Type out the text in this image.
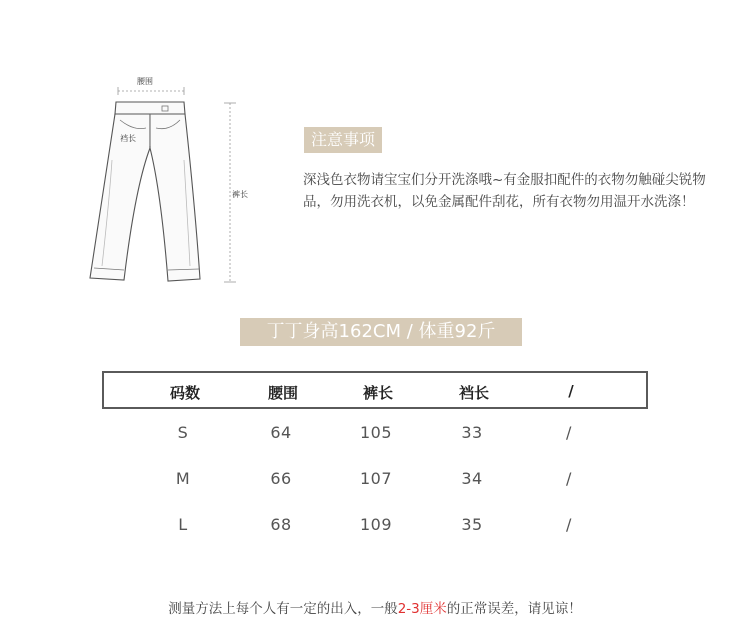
腰围
裤长
裆长	注意事项
深浅色衣物请宝宝们分开洗涤哦~有金服扣配件的衣物勿触碰尖锐物品，勿用洗衣机，以免金属配件刮花，所有衣物勿用温开水洗涤！
丁丁身高162CM / 体重92斤
码数	腰围	裤长	裆长	/
S	64	105	33	/
M	66	107	34	/
L	68	109	35	/
测量方法上每个人有一定的出入，一般2-3厘米的正常误差，请见谅！
